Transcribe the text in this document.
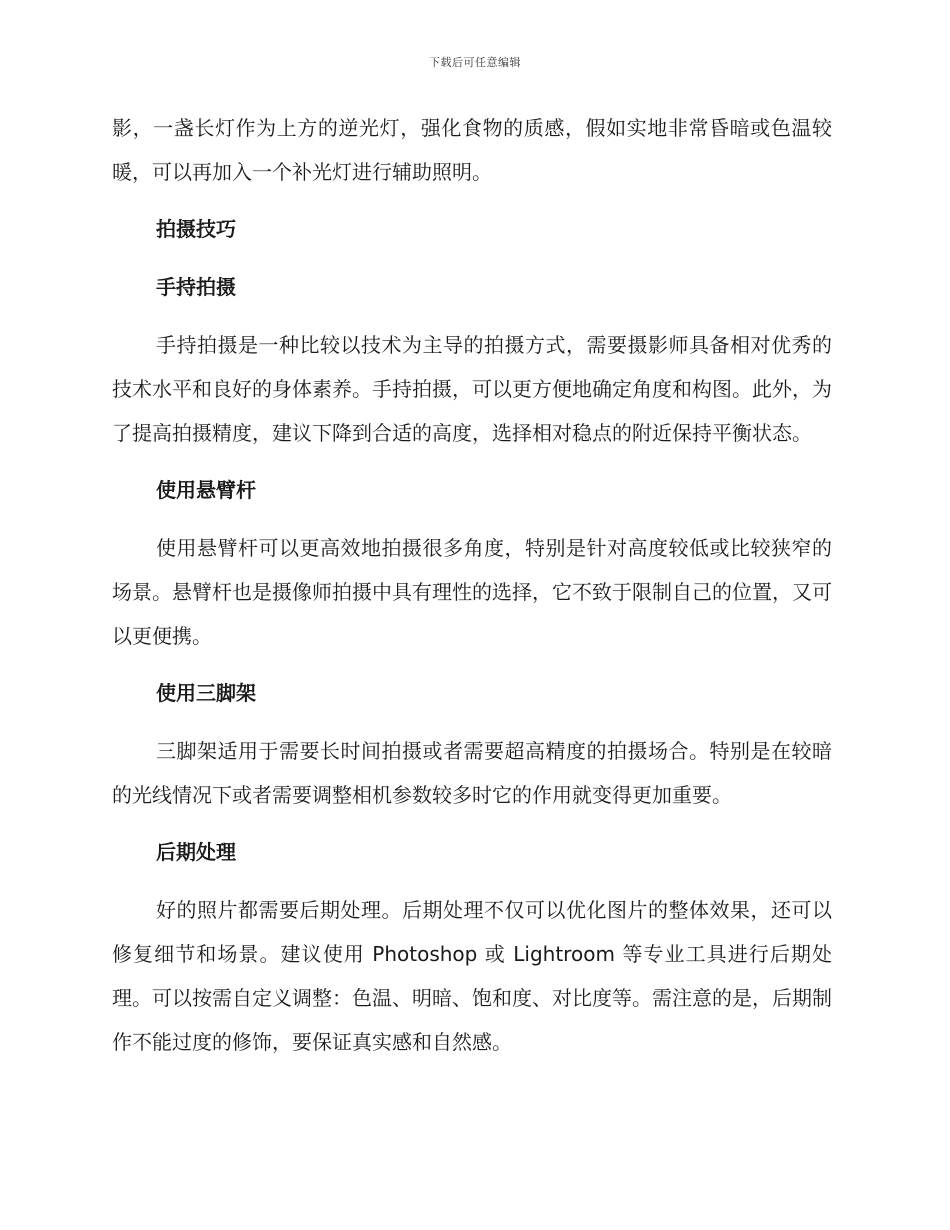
下载后可任意编辑

影，一盏长灯作为上方的逆光灯，强化食物的质感，假如实地非常昏暗或色温较暖，可以再加入一个补光灯进行辅助照明。

拍摄技巧
手持拍摄

手持拍摄是一种比较以技术为主导的拍摄方式，需要摄影师具备相对优秀的技术水平和良好的身体素养。手持拍摄，可以更方便地确定角度和构图。此外，为了提高拍摄精度，建议下降到合适的高度，选择相对稳点的附近保持平衡状态。

使用悬臂杆

使用悬臂杆可以更高效地拍摄很多角度，特别是针对高度较低或比较狭窄的场景。悬臂杆也是摄像师拍摄中具有理性的选择，它不致于限制自己的位置，又可以更便携。

使用三脚架

三脚架适用于需要长时间拍摄或者需要超高精度的拍摄场合。特别是在较暗的光线情况下或者需要调整相机参数较多时它的作用就变得更加重要。

后期处理

好的照片都需要后期处理。后期处理不仅可以优化图片的整体效果，还可以修复细节和场景。建议使用 Photoshop 或 Lightroom 等专业工具进行后期处理。可以按需自定义调整：色温、明暗、饱和度、对比度等。需注意的是，后期制作不能过度的修饰，要保证真实感和自然感。
